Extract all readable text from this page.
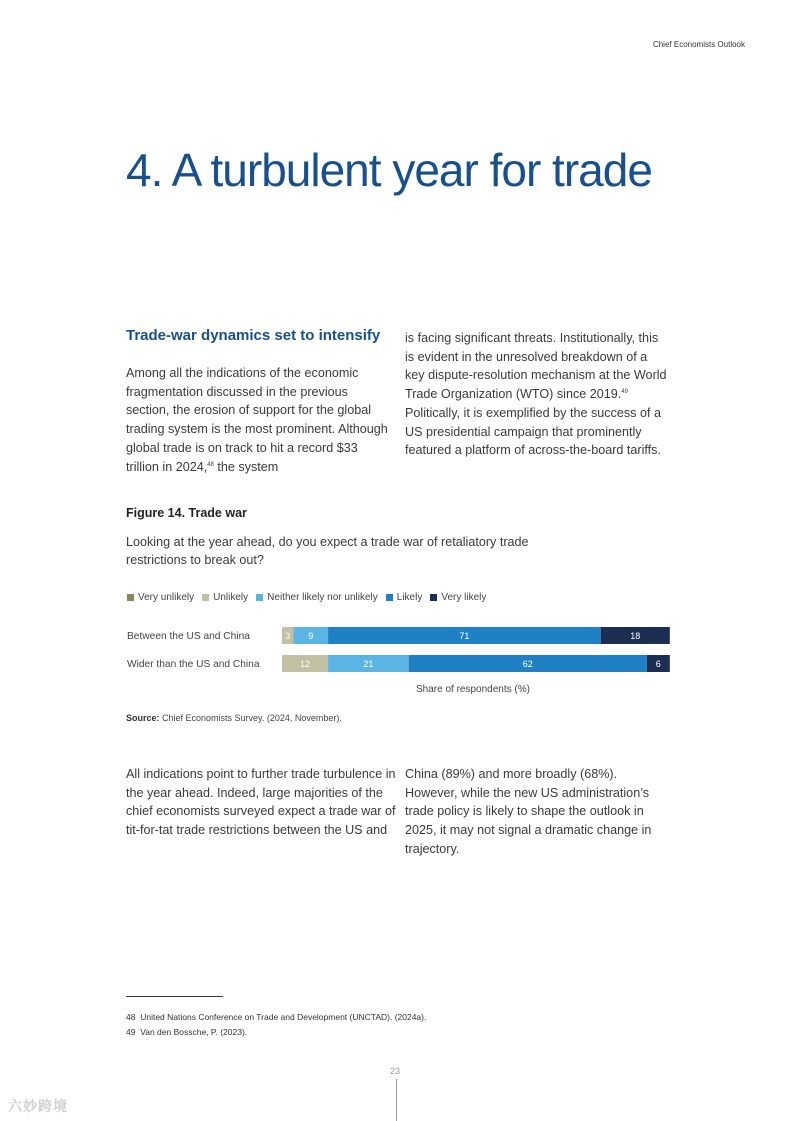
Chief Economists Outlook
4. A turbulent year for trade
Trade-war dynamics set to intensify

Among all the indications of the economic fragmentation discussed in the previous section, the erosion of support for the global trading system is the most prominent. Although global trade is on track to hit a record $33 trillion in 2024,48 the system

is facing significant threats. Institutionally, this is evident in the unresolved breakdown of a key dispute-resolution mechanism at the World Trade Organization (WTO) since 2019.49 Politically, it is exemplified by the success of a US presidential campaign that prominently featured a platform of across-the-board tariffs.

Figure 14. Trade war
Looking at the year ahead, do you expect a trade war of retaliatory trade restrictions to break out?
Very unlikely Unlikely Neither likely nor unlikely Likely Very likely
Between the US and China	3 9	71	18
Wider than the US and China	12	21	62	6
Share of respondents (%)
Source: Chief Economists Survey. (2024, November).

All indications point to further trade turbulence in the year ahead. Indeed, large majorities of the chief economists surveyed expect a trade war of tit-for-tat trade restrictions between the US and

China (89%) and more broadly (68%). However, while the new US administration’s trade policy is likely to shape the outlook in 2025, it may not signal a dramatic change in trajectory.

48 United Nations Conference on Trade and Development (UNCTAD). (2024a).
49 Van den Bossche, P. (2023).
23
六妙跨境
